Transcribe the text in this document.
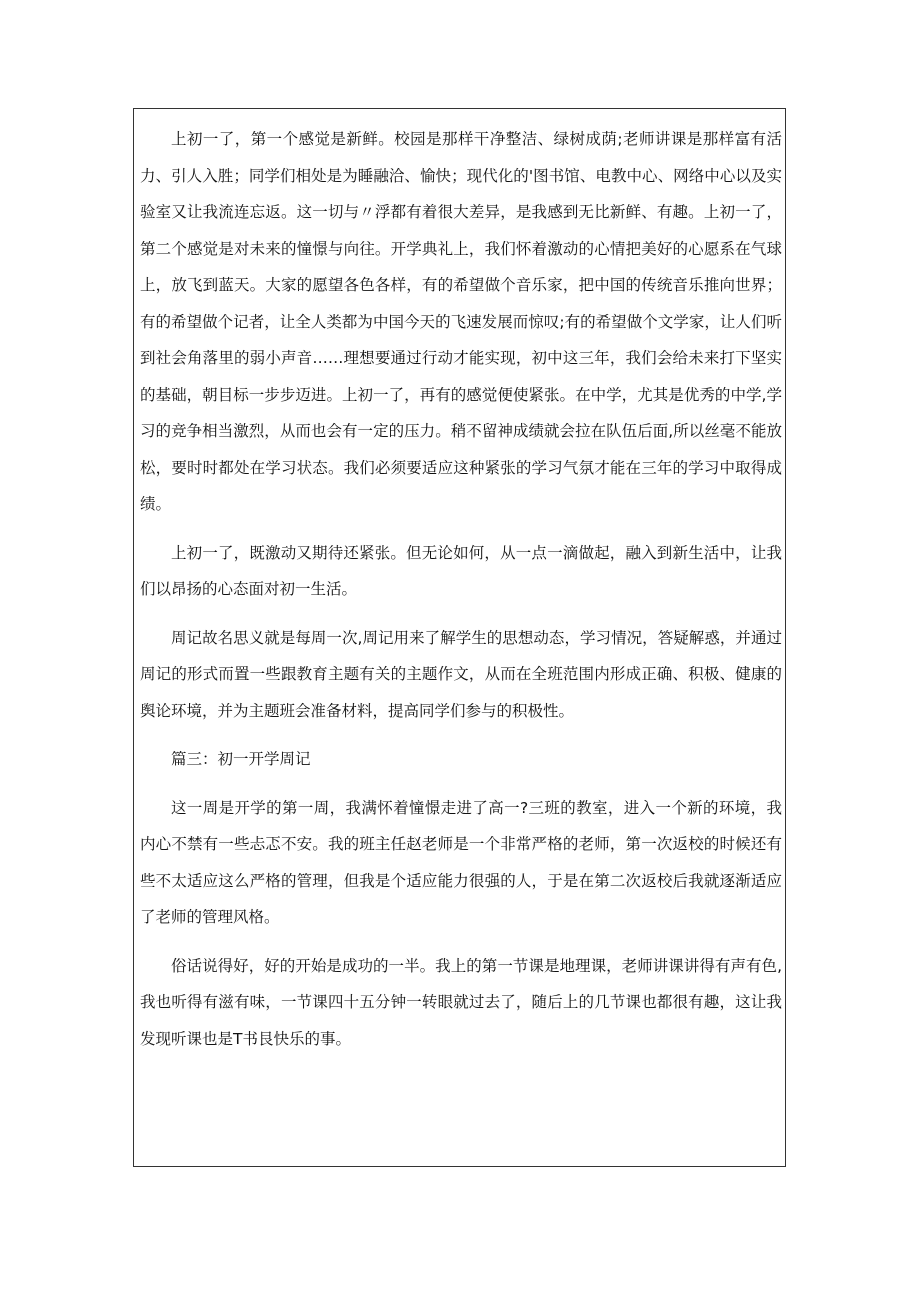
上初一了，第一个感觉是新鲜。校园是那样干净整洁、绿树成荫;老师讲课是那样富有活力、引人入胜；同学们相处是为睡融洽、愉快；现代化的'图书馆、电教中心、网络中心以及实验室又让我流连忘返。这一切与〃浮都有着很大差异，是我感到无比新鲜、有趣。上初一了，第二个感觉是对未来的憧憬与向往。开学典礼上，我们怀着激动的心情把美好的心愿系在气球上，放飞到蓝天。大家的愿望各色各样，有的希望做个音乐家，把中国的传统音乐推向世界；有的希望做个记者，让全人类都为中国今天的飞速发展而惊叹;有的希望做个文学家，让人们听到社会角落里的弱小声音……理想要通过行动才能实现，初中这三年，我们会给未来打下坚实的基础，朝目标一步步迈进。上初一了，再有的感觉便使紧张。在中学，尤其是优秀的中学,学习的竞争相当激烈，从而也会有一定的压力。稍不留神成绩就会拉在队伍后面,所以丝毫不能放松，要时时都处在学习状态。我们必须要适应这种紧张的学习气氛才能在三年的学习中取得成绩。

上初一了，既激动又期待还紧张。但无论如何，从一点一滴做起，融入到新生活中，让我们以昂扬的心态面对初一生活。

周记故名思义就是每周一次,周记用来了解学生的思想动态，学习情况，答疑解惑，并通过周记的形式而置一些跟教育主题有关的主题作文，从而在全班范围内形成正确、积极、健康的舆论环境，并为主题班会准备材料，提高同学们参与的积极性。

篇三：初一开学周记

这一周是开学的第一周，我满怀着憧憬走进了高一?三班的教室，进入一个新的环境，我内心不禁有一些忐忑不安。我的班主任赵老师是一个非常严格的老师，第一次返校的时候还有些不太适应这么严格的管理，但我是个适应能力很强的人，于是在第二次返校后我就逐渐适应了老师的管理风格。

俗话说得好，好的开始是成功的一半。我上的第一节课是地理课，老师讲课讲得有声有色,我也听得有滋有味，一节课四十五分钟一转眼就过去了，随后上的几节课也都很有趣，这让我发现听课也是T书艮快乐的事。
